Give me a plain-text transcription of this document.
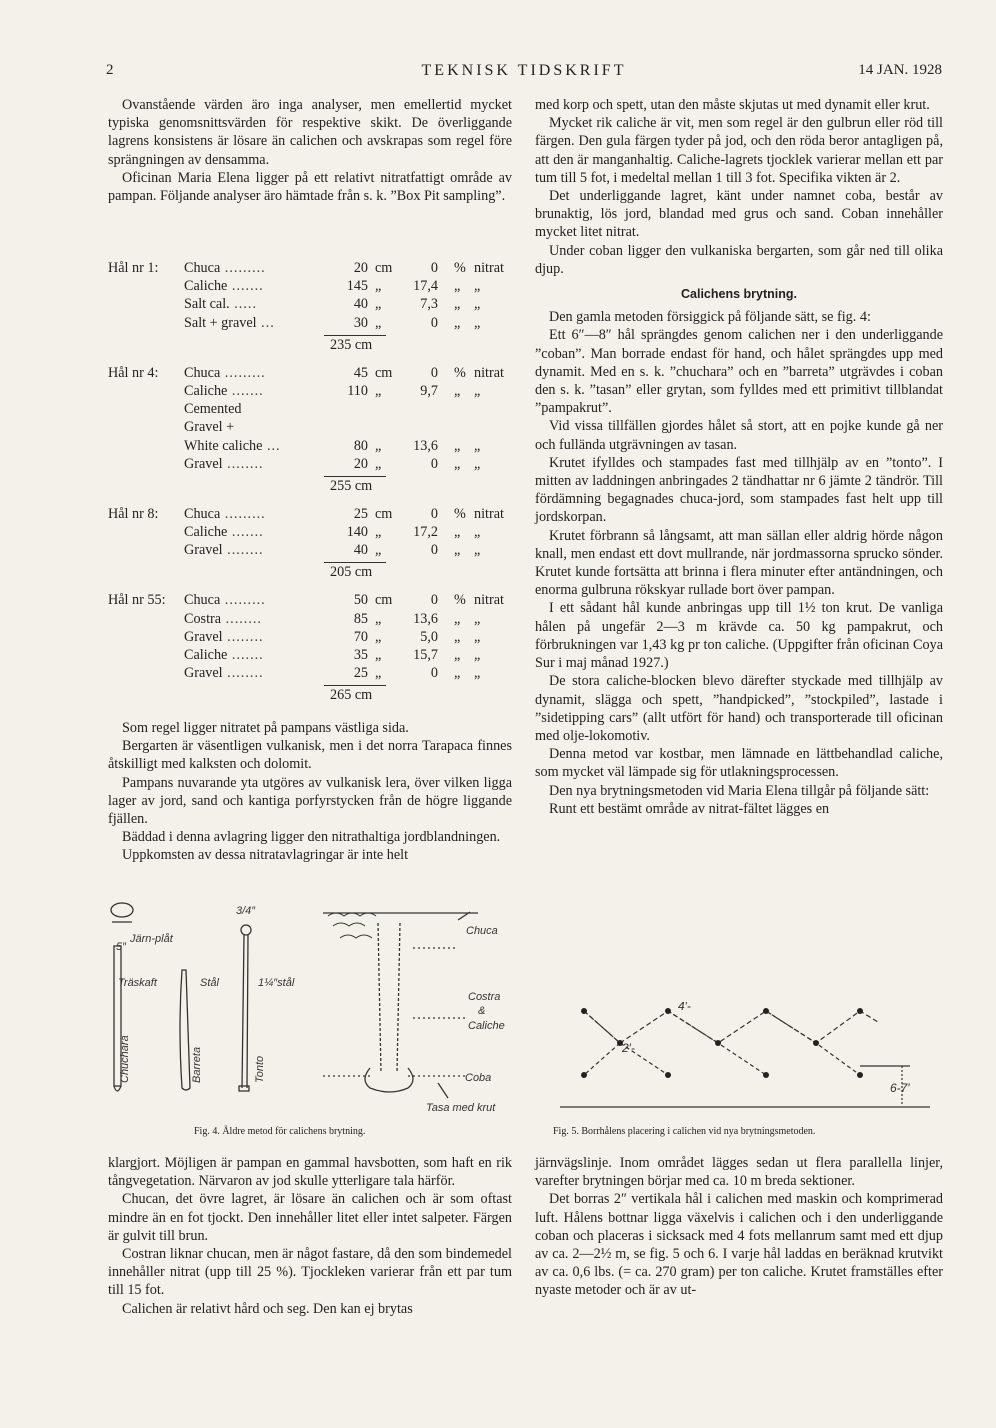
2	TEKNISK TIDSKRIFT	14 JAN. 1928

Ovanstående värden äro inga analyser, men emellertid mycket typiska genomsnittsvärden för respektive skikt. De överliggande lagrens konsistens är lösare än calichen och avskrapas som regel före sprängningen av densamma.

Oficinan Maria Elena ligger på ett relativt nitratfattigt område av pampan. Följande analyser äro hämtade från s. k. ”Box Pit sampling”.

Hål nr 1: Chuca .........	20 cm	0 % nitrat
Caliche .......	145 „	17,4 „ „
Salt cal. .....	40 „	7,3 „ „
Salt + gravel ...	30 „	0 „ „
235 cm
Hål nr 4: Chuca .........	45 cm	0 % nitrat
Caliche .......	110 „	9,7 „ „
Cemented
Gravel +
White caliche ...	80 „	13,6 „ „
Gravel ........	20 „	0 „ „
255 cm
Hål nr 8: Chuca .........	25 cm	0 % nitrat
Caliche .......	140 „	17,2 „ „
Gravel ........	40 „	0 „ „
205 cm
Hål nr 55: Chuca .........	50 cm	0 % nitrat
Costra ........	85 „	13,6 „ „
Gravel ........	70 „	5,0 „ „
Caliche .......	35 „	15,7 „ „
Gravel ........	25 „	0 „ „
265 cm

Som regel ligger nitratet på pampans västliga sida.

Bergarten är väsentligen vulkanisk, men i det norra Tarapaca finnes åtskilligt med kalksten och dolomit.

Pampans nuvarande yta utgöres av vulkanisk lera, över vilken ligga lager av jord, sand och kantiga porfyrstycken från de högre liggande fjällen.

Bäddad i denna avlagring ligger den nitrathaltiga jordblandningen.

Uppkomsten av dessa nitratavlagringar är inte helt

med korp och spett, utan den måste skjutas ut med dynamit eller krut.

Mycket rik caliche är vit, men som regel är den gulbrun eller röd till färgen. Den gula färgen tyder på jod, och den röda beror antagligen på, att den är manganhaltig. Caliche-lagrets tjocklek varierar mellan ett par tum till 5 fot, i medeltal mellan 1 till 3 fot. Specifika vikten är 2.

Det underliggande lagret, känt under namnet coba, består av brunaktig, lös jord, blandad med grus och sand. Coban innehåller mycket litet nitrat.

Under coban ligger den vulkaniska bergarten, som går ned till olika djup.

Calichens brytning.

Den gamla metoden försiggick på följande sätt, se fig. 4:

Ett 6″—8″ hål sprängdes genom calichen ner i den underliggande ”coban”. Man borrade endast för hand, och hålet sprängdes upp med dynamit. Med en s. k. ”chuchara” och en ”barreta” utgrävdes i coban den s. k. ”tasan” eller grytan, som fylldes med ett primitivt tillblandat ”pampakrut”.

Vid vissa tillfällen gjordes hålet så stort, att en pojke kunde gå ner och fullända utgrävningen av tasan.

Krutet ifylldes och stampades fast med tillhjälp av en ”tonto”. I mitten av laddningen anbringades 2 tändhattar nr 6 jämte 2 tändrör. Till fördämning begagnades chuca-jord, som stampades fast helt upp till jordskorpan.

Krutet förbrann så långsamt, att man sällan eller aldrig hörde någon knall, men endast ett dovt mullrande, när jordmassorna sprucko sönder. Krutet kunde fortsätta att brinna i flera minuter efter antändningen, och enorma gulbruna rökskyar rullade bort över pampan.

I ett sådant hål kunde anbringas upp till 1½ ton krut. De vanliga hålen på ungefär 2—3 m krävde ca. 50 kg pampakrut, och förbrukningen var 1,43 kg pr ton caliche. (Uppgifter från oficinan Coya Sur i maj månad 1927.)

De stora caliche-blocken blevo därefter styckade med tillhjälp av dynamit, slägga och spett, ”handpicked”, ”stockpiled”, lastade i ”sidetipping cars” (allt utfört för hand) och transporterade till oficinan med olje-lokomotiv.

Denna metod var kostbar, men lämnade en lättbehandlad caliche, som mycket väl lämpade sig för utlakningsprocessen.

Den nya brytningsmetoden vid Maria Elena tillgår på följande sätt:

Runt ett bestämt område av nitrat-fältet lägges en

5″
Järn-plåt
Träskaft	Stål	1¼″stål
3/4″
Chuchara	Barreta	Tonto
Chuca
Costra
&
Caliche
Coba
Tasa med krut
Fig. 4. Äldre metod för calichens brytning.
4′-
2′-
6-7′
Fig. 5. Borrhålens placering i calichen vid nya brytningsmetoden.

klargjort. Möjligen är pampan en gammal havsbotten, som haft en rik tångvegetation. Närvaron av jod skulle ytterligare tala härför.

Chucan, det övre lagret, är lösare än calichen och är som oftast mindre än en fot tjockt. Den innehåller litet eller intet salpeter. Färgen är gulvit till brun.

Costran liknar chucan, men är något fastare, då den som bindemedel innehåller nitrat (upp till 25 %). Tjockleken varierar från ett par tum till 15 fot.

Calichen är relativt hård och seg. Den kan ej brytas

järnvägslinje. Inom området lägges sedan ut flera parallella linjer, varefter brytningen börjar med ca. 10 m breda sektioner.

Det borras 2″ vertikala hål i calichen med maskin och komprimerad luft. Hålens bottnar ligga växelvis i calichen och i den underliggande coban och placeras i sicksack med 4 fots mellanrum samt med ett djup av ca. 2—2½ m, se fig. 5 och 6. I varje hål laddas en beräknad krutvikt av ca. 0,6 lbs. (= ca. 270 gram) per ton caliche. Krutet framställes efter nyaste metoder och är av ut-
